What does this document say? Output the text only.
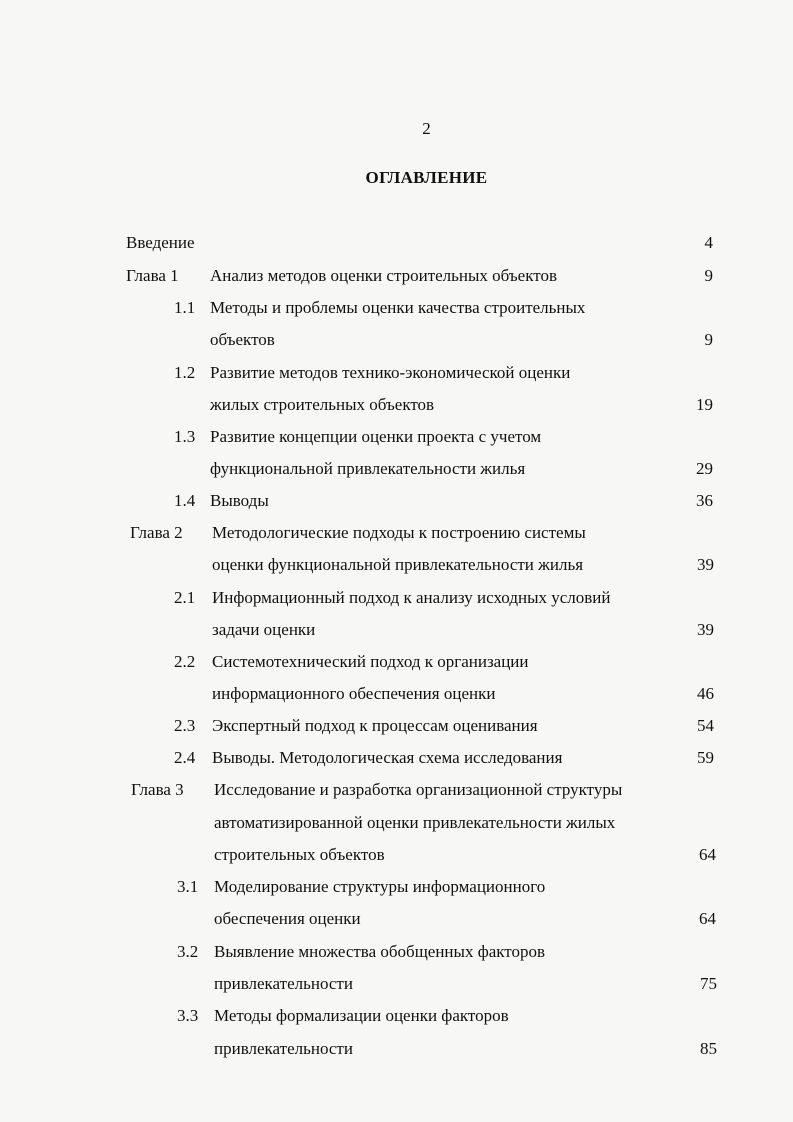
2
ОГЛАВЛЕНИЕ
Введение	4
Глава 1 Анализ методов оценки строительных объектов	9
1.1 Методы и проблемы оценки качества строительных
объектов	9
1.2 Развитие методов технико-экономической оценки
жилых строительных объектов	19
1.3 Развитие концепции оценки проекта с учетом
функциональной привлекательности жилья	29
1.4 Выводы	36
Глава 2 Методологические подходы к построению системы
оценки функциональной привлекательности жилья	39
2.1 Информационный подход к анализу исходных условий
задачи оценки	39
2.2 Системотехнический подход к организации
информационного обеспечения оценки	46
2.3 Экспертный подход к процессам оценивания	54
2.4 Выводы. Методологическая схема исследования	59
Глава 3 Исследование и разработка организационной структуры
автоматизированной оценки привлекательности жилых
строительных объектов	64
3.1 Моделирование структуры информационного
обеспечения оценки	64
3.2 Выявление множества обобщенных факторов
привлекательности	75
3.3 Методы формализации оценки факторов
привлекательности	85
